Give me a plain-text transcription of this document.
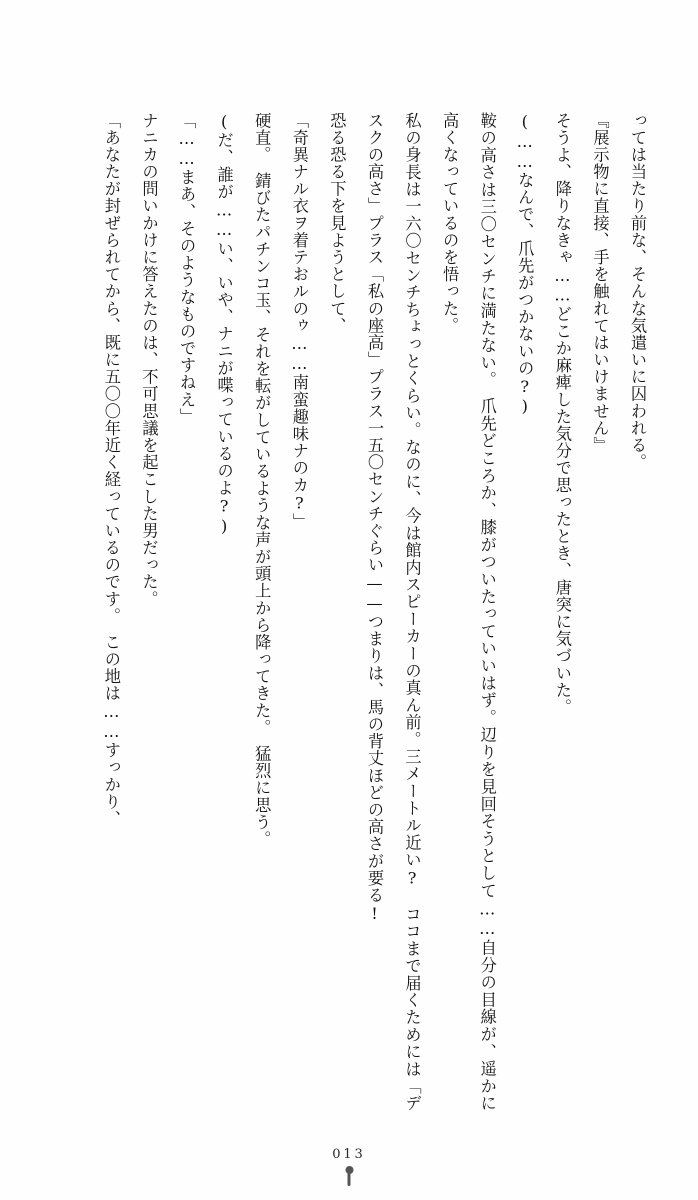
っては当たり前な、そんな気遣いに囚われる。

『展示物に直接、手を触れてはいけません』

そうよ、降りなきゃ……どこか麻痺した気分で思ったとき、唐突に気づいた。

(……なんで、爪先がつかないの?)

鞍の高さは三〇センチに満たない。　爪先どころか、膝がついたっていいはず。辺りを見回そうとして……自分の目線が、遥かに高くなっているのを悟った。

私の身長は一六〇センチちょっとくらい。なのに、今は館内スピーカーの真ん前。三メートル近い?　ココまで届くためには「デスクの高さ」プラス「私の座高」プラス一五〇センチぐらい——つまりは、馬の背丈ほどの高さが要る!

恐る恐る下を見ようとして、

「奇異ナル衣ヲ着テおルのゥ……南蛮趣味ナのカ?」

硬直。　錆びたパチンコ玉、それを転がしているような声が頭上から降ってきた。　猛烈に思う。

(だ、誰が……い、いや、ナニが喋っているのよ?)

「……まあ、そのようなものですねえ」

ナニカの問いかけに答えたのは、不可思議を起こした男だった。

「あなたが封ぜられてから、既に五〇〇年近く経っているのです。　この地は……すっかり、

013
